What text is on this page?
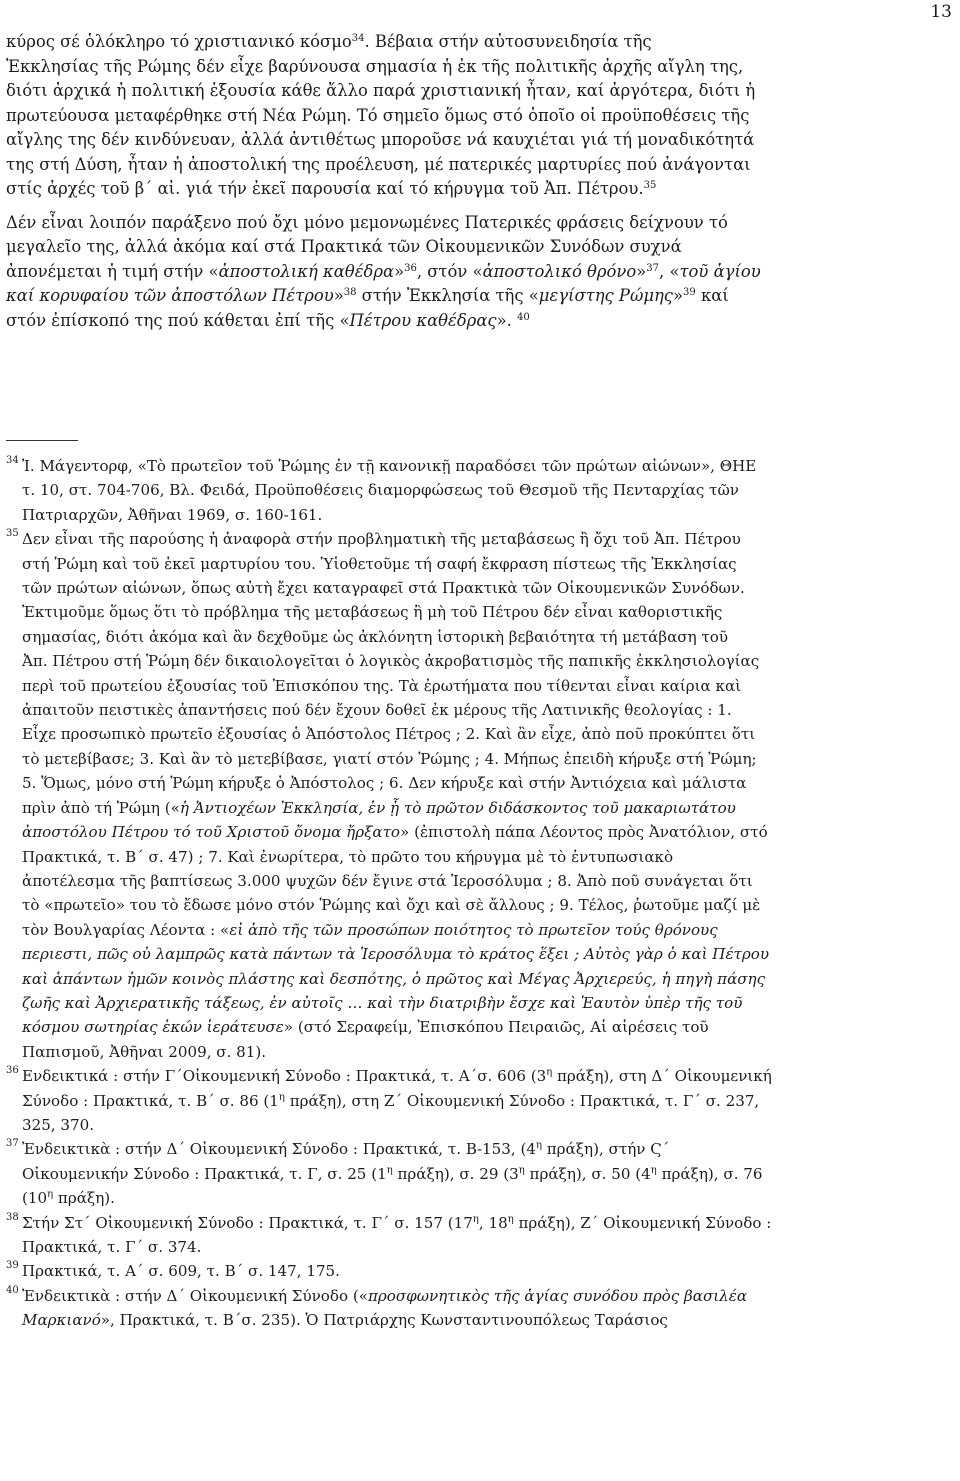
13

κύρος σέ ὁλόκληρο τό χριστιανικό κόσμο$^{34}$. Βέβαια στήν αὐτοσυνειδησία τῆς
Ἐκκλησίας τῆς Ρώμης δέν εἶχε βαρύνουσα σημασία ἡ ἐκ τῆς πολιτικῆς ἀρχῆς αἴγλη της,
διότι ἀρχικά ἡ πολιτική ἐξουσία κάθε ἄλλο παρά χριστιανική ἦταν, καί ἀργότερα, διότι ἡ
πρωτεύουσα μεταφέρθηκε στή Νέα Ρώμη. Τό σημεῖο ὅμως στό ὁποῖο οἱ προϋποθέσεις τῆς
αἴγλης της δέν κινδύνευαν, ἀλλά ἀντιθέτως μποροῦσε νά καυχιέται γιά τή μοναδικότητά
της στή Δύση, ἦταν ἡ ἀποστολική της προέλευση, μέ πατερικές μαρτυρίες πού ἀνάγονται
στίς ἀρχές τοῦ β΄ αἰ. γιά τήν ἐκεῖ παρουσία καί τό κήρυγμα τοῦ Ἀπ. Πέτρου.$^{35}$

Δέν εἶναι λοιπόν παράξενο πού ὄχι μόνο μεμονωμένες Πατερικές φράσεις δείχνουν τό
μεγαλεῖο της, ἀλλά ἀκόμα καί στά Πρακτικά τῶν Οἰκουμενικῶν Συνόδων συχνά
ἀπονέμεται ἡ τιμή στήν «ἀποστολική καθέδρα»$^{36}$, στόν «ἀποστολικό θρόνο»$^{37}$, «τοῦ ἁγίου
καί κορυφαίου τῶν ἀποστόλων Πέτρου»$^{38}$ στήν Ἐκκλησία τῆς «μεγίστης Ρώμης»$^{39}$ καί
στόν ἐπίσκοπό της πού κάθεται ἐπί τῆς «Πέτρου καθέδρας». $^{40}$

34 Ἰ. Μάγεντορφ, «Τὸ πρωτεῖον τοῦ Ῥώμης ἐν τῇ κανονικῇ παραδόσει τῶν πρώτων αἰώνων», ΘΗΕ
τ. 10, στ. 704-706, Βλ. Φειδά, Προϋποθέσεις διαμορφώσεως τοῦ Θεσμοῦ τῆς Πενταρχίας τῶν
Πατριαρχῶν, Ἀθῆναι 1969, σ. 160-161.
35 Δεν εἶναι τῆς παρούσης ἡ ἀναφορὰ στήν προβληματικὴ τῆς μεταβάσεως ἢ ὄχι τοῦ Ἀπ. Πέτρου
στή Ῥώμη καὶ τοῦ ἐκεῖ μαρτυρίου του. Ὑἱοθετοῦμε τή σαφή ἔκφραση πίστεως τῆς Ἐκκλησίας
τῶν πρώτων αἰώνων, ὅπως αὐτὴ ἔχει καταγραφεῖ στά Πρακτικὰ τῶν Οἰκουμενικῶν Συνόδων.
Ἐκτιμοῦμε ὅμως ὅτι τὸ πρόβλημα τῆς μεταβάσεως ἢ μὴ τοῦ Πέτρου δέν εἶναι καθοριστικῆς
σημασίας, διότι ἀκόμα καὶ ἂν δεχθοῦμε ὡς ἀκλόνητη ἱστορικὴ βεβαιότητα τή μετάβαση τοῦ
Ἀπ. Πέτρου στή Ῥώμη δέν δικαιολογεῖται ὁ λογικὸς ἀκροβατισμὸς τῆς παπικῆς ἐκκλησιολογίας
περὶ τοῦ πρωτείου ἐξουσίας τοῦ Ἐπισκόπου της. Τὰ ἐρωτήματα που τίθενται εἶναι καίρια καὶ
ἀπαιτοῦν πειστικὲς ἀπαντήσεις πού δέν ἔχουν δοθεῖ ἐκ μέρους τῆς Λατινικῆς θεολογίας : 1.
Εἶχε προσωπικὸ πρωτεῖο ἐξουσίας ὁ Ἀπόστολος Πέτρος ; 2. Καὶ ἂν εἶχε, ἀπὸ ποῦ προκύπτει ὅτι
τὸ μετεβίβασε; 3. Καὶ ἂν τὸ μετεβίβασε, γιατί στόν Ῥώμης ; 4. Μήπως ἐπειδὴ κήρυξε στή Ῥώμη;
5. Ὅμως, μόνο στή Ῥώμη κήρυξε ὁ Ἀπόστολος ; 6. Δεν κήρυξε καὶ στήν Ἀντιόχεια καὶ μάλιστα
πρὶν ἀπὸ τή Ῥώμη («ἡ Ἀντιοχέων Ἐκκλησία, ἐν ᾗ τὸ πρῶτον διδάσκοντος τοῦ μακαριωτάτου
ἀποστόλου Πέτρου τό τοῦ Χριστοῦ ὄνομα ἤρξατο» (ἐπιστολὴ πάπα Λέοντος πρὸς Ἀνατόλιον, στό
Πρακτικά, τ. Β΄ σ. 47) ; 7. Καὶ ἐνωρίτερα, τὸ πρῶτο του κήρυγμα μὲ τὸ ἐντυπωσιακὸ
ἀποτέλεσμα τῆς βαπτίσεως 3.000 ψυχῶν δέν ἔγινε στά Ἱεροσόλυμα ; 8. Ἀπὸ ποῦ συνάγεται ὅτι
τὸ «πρωτεῖο» του τὸ ἔδωσε μόνο στόν Ῥώμης καὶ ὄχι καὶ σὲ ἄλλους ; 9. Τέλος, ῥωτοῦμε μαζί μὲ
τὸν Βουλγαρίας Λέοντα : «εἰ ἀπὸ τῆς τῶν προσώπων ποιότητος τὸ πρωτεῖον τούς θρόνους
περιεστι, πῶς οὐ λαμπρῶς κατὰ πάντων τὰ Ἱεροσόλυμα τὸ κράτος ἕξει ; Αὐτὸς γὰρ ὁ καὶ Πέτρου
καὶ ἁπάντων ἡμῶν κοινὸς πλάστης καὶ δεσπότης, ὁ πρῶτος καὶ Μέγας Ἀρχιερεύς, ἡ πηγὴ πάσης
ζωῆς καὶ Ἀρχιερατικῆς τάξεως, ἐν αὐτοῖς … καὶ τὴν διατριβὴν ἔσχε καὶ Ἑαυτὸν ὑπὲρ τῆς τοῦ
κόσμου σωτηρίας ἑκών ἱεράτευσε» (στό Σεραφείμ, Ἐπισκόπου Πειραιῶς, Αἱ αἱρέσεις τοῦ
Παπισμοῦ, Ἀθῆναι 2009, σ. 81).
36 Ενδεικτικά : στήν Γ΄Οἰκουμενική Σύνοδο : Πρακτικά, τ. Α΄σ. 606 ($3^\eta$ πράξη), στη Δ΄ Οἰκουμενική
Σύνοδο : Πρακτικά, τ. Β΄ σ. 86 ($1^\eta$ πράξη), στη Ζ΄ Οἰκουμενική Σύνοδο : Πρακτικά, τ. Γ΄ σ. 237,
325, 370.
37 Ἐνδεικτικὰ : στήν Δ΄ Οἰκουμενική Σύνοδο : Πρακτικά, τ. Β-153, ($4^\eta$ πράξη), στήν Ϛ΄
Οἰκουμενικήν Σύνοδο : Πρακτικά, τ. Γ, σ. 25 ($1^\eta$ πράξη), σ. 29 ($3^\eta$ πράξη), σ. 50 ($4^\eta$ πράξη), σ. 76
($10^\eta$ πράξη).
38 Στήν Στ΄ Οἰκουμενική Σύνοδο : Πρακτικά, τ. Γ΄ σ. 157 ($17^\eta$, $18^\eta$ πράξη), Ζ΄ Οἰκουμενική Σύνοδο :
Πρακτικά, τ. Γ΄ σ. 374.
39 Πρακτικά, τ. Α΄ σ. 609, τ. Β΄ σ. 147, 175.
40 Ἐνδεικτικὰ : στήν Δ΄ Οἰκουμενική Σύνοδο («προσφωνητικὸς τῆς ἁγίας συνόδου πρὸς βασιλέα
Μαρκιανό», Πρακτικά, τ. Β΄σ. 235). Ὁ Πατριάρχης Κωνσταντινουπόλεως Ταράσιος
